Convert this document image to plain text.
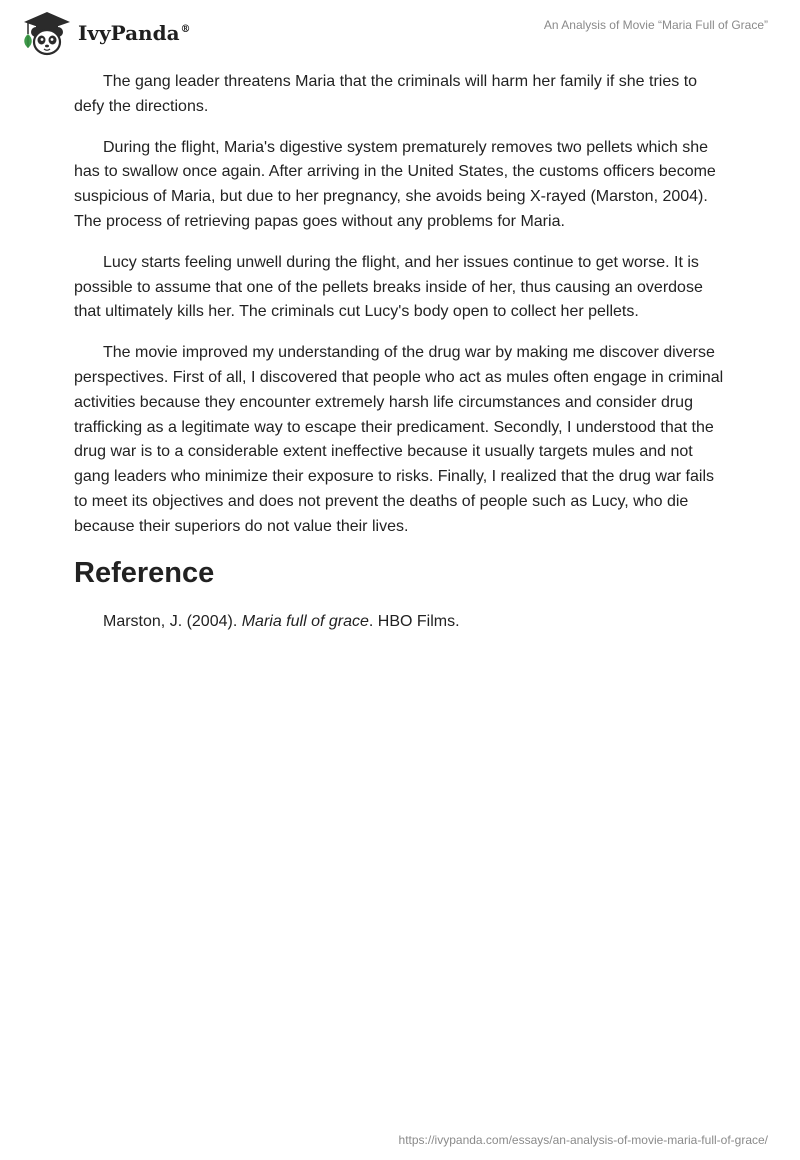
IvyPanda®	An Analysis of Movie “Maria Full of Grace”

The gang leader threatens Maria that the criminals will harm her family if she tries to defy the directions.

During the flight, Maria's digestive system prematurely removes two pellets which she has to swallow once again. After arriving in the United States, the customs officers become suspicious of Maria, but due to her pregnancy, she avoids being X-rayed (Marston, 2004). The process of retrieving papas goes without any problems for Maria.

Lucy starts feeling unwell during the flight, and her issues continue to get worse. It is possible to assume that one of the pellets breaks inside of her, thus causing an overdose that ultimately kills her. The criminals cut Lucy's body open to collect her pellets.

The movie improved my understanding of the drug war by making me discover diverse perspectives. First of all, I discovered that people who act as mules often engage in criminal activities because they encounter extremely harsh life circumstances and consider drug trafficking as a legitimate way to escape their predicament. Secondly, I understood that the drug war is to a considerable extent ineffective because it usually targets mules and not gang leaders who minimize their exposure to risks. Finally, I realized that the drug war fails to meet its objectives and does not prevent the deaths of people such as Lucy, who die because their superiors do not value their lives.

Reference

Marston, J. (2004). Maria full of grace. HBO Films.

https://ivypanda.com/essays/an-analysis-of-movie-maria-full-of-grace/
